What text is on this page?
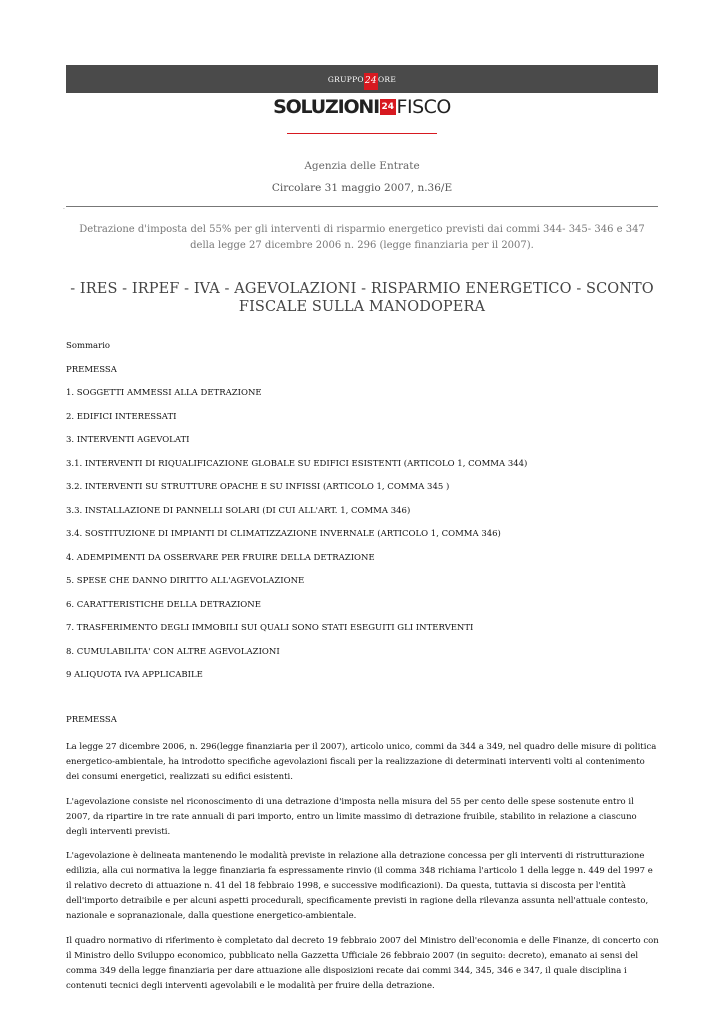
GRUPPO 24 ORE
SOLUZIONI 24 FISCO
Agenzia delle Entrate
Circolare 31 maggio 2007, n.36/E
.
Detrazione d'imposta del 55% per gli interventi di risparmio energetico previsti dai commi 344- 345- 346 e 347 della legge 27 dicembre 2006 n. 296 (legge finanziaria per il 2007).
- IRES - IRPEF - IVA - AGEVOLAZIONI - RISPARMIO ENERGETICO - SCONTO FISCALE SULLA MANODOPERA
Sommario
PREMESSA
1. SOGGETTI AMMESSI ALLA DETRAZIONE
2. EDIFICI INTERESSATI
3. INTERVENTI AGEVOLATI
3.1. INTERVENTI DI RIQUALIFICAZIONE GLOBALE SU EDIFICI ESISTENTI (ARTICOLO 1, COMMA 344)
3.2. INTERVENTI SU STRUTTURE OPACHE E SU INFISSI (ARTICOLO 1, COMMA 345 )
3.3. INSTALLAZIONE DI PANNELLI SOLARI (DI CUI ALL'ART. 1, COMMA 346)
3.4. SOSTITUZIONE DI IMPIANTI DI CLIMATIZZAZIONE INVERNALE (ARTICOLO 1, COMMA 346)
4. ADEMPIMENTI DA OSSERVARE PER FRUIRE DELLA DETRAZIONE
5. SPESE CHE DANNO DIRITTO ALL'AGEVOLAZIONE
6. CARATTERISTICHE DELLA DETRAZIONE
7. TRASFERIMENTO DEGLI IMMOBILI SUI QUALI SONO STATI ESEGUITI GLI INTERVENTI
8. CUMULABILITA' CON ALTRE AGEVOLAZIONI
9 ALIQUOTA IVA APPLICABILE
PREMESSA

La legge 27 dicembre 2006, n. 296(legge finanziaria per il 2007), articolo unico, commi da 344 a 349, nel quadro delle misure di politica energetico-ambientale, ha introdotto specifiche agevolazioni fiscali per la realizzazione di determinati interventi volti al contenimento dei consumi energetici, realizzati su edifici esistenti.

L'agevolazione consiste nel riconoscimento di una detrazione d'imposta nella misura del 55 per cento delle spese sostenute entro il 2007, da ripartire in tre rate annuali di pari importo, entro un limite massimo di detrazione fruibile, stabilito in relazione a ciascuno degli interventi previsti.

L'agevolazione è delineata mantenendo le modalità previste in relazione alla detrazione concessa per gli interventi di ristrutturazione edilizia, alla cui normativa la legge finanziaria fa espressamente rinvio (il comma 348 richiama l'articolo 1 della legge n. 449 del 1997 e il relativo decreto di attuazione n. 41 del 18 febbraio 1998, e successive modificazioni). Da questa, tuttavia si discosta per l'entità dell'importo detraibile e per alcuni aspetti procedurali, specificamente previsti in ragione della rilevanza assunta nell'attuale contesto, nazionale e sopranazionale, dalla questione energetico-ambientale.

Il quadro normativo di riferimento è completato dal decreto 19 febbraio 2007 del Ministro dell'economia e delle Finanze, di concerto con il Ministro dello Sviluppo economico, pubblicato nella Gazzetta Ufficiale 26 febbraio 2007 (in seguito: decreto), emanato ai sensi del comma 349 della legge finanziaria per dare attuazione alle disposizioni recate dai commi 344, 345, 346 e 347, il quale disciplina i contenuti tecnici degli interventi agevolabili e le modalità per fruire della detrazione.
